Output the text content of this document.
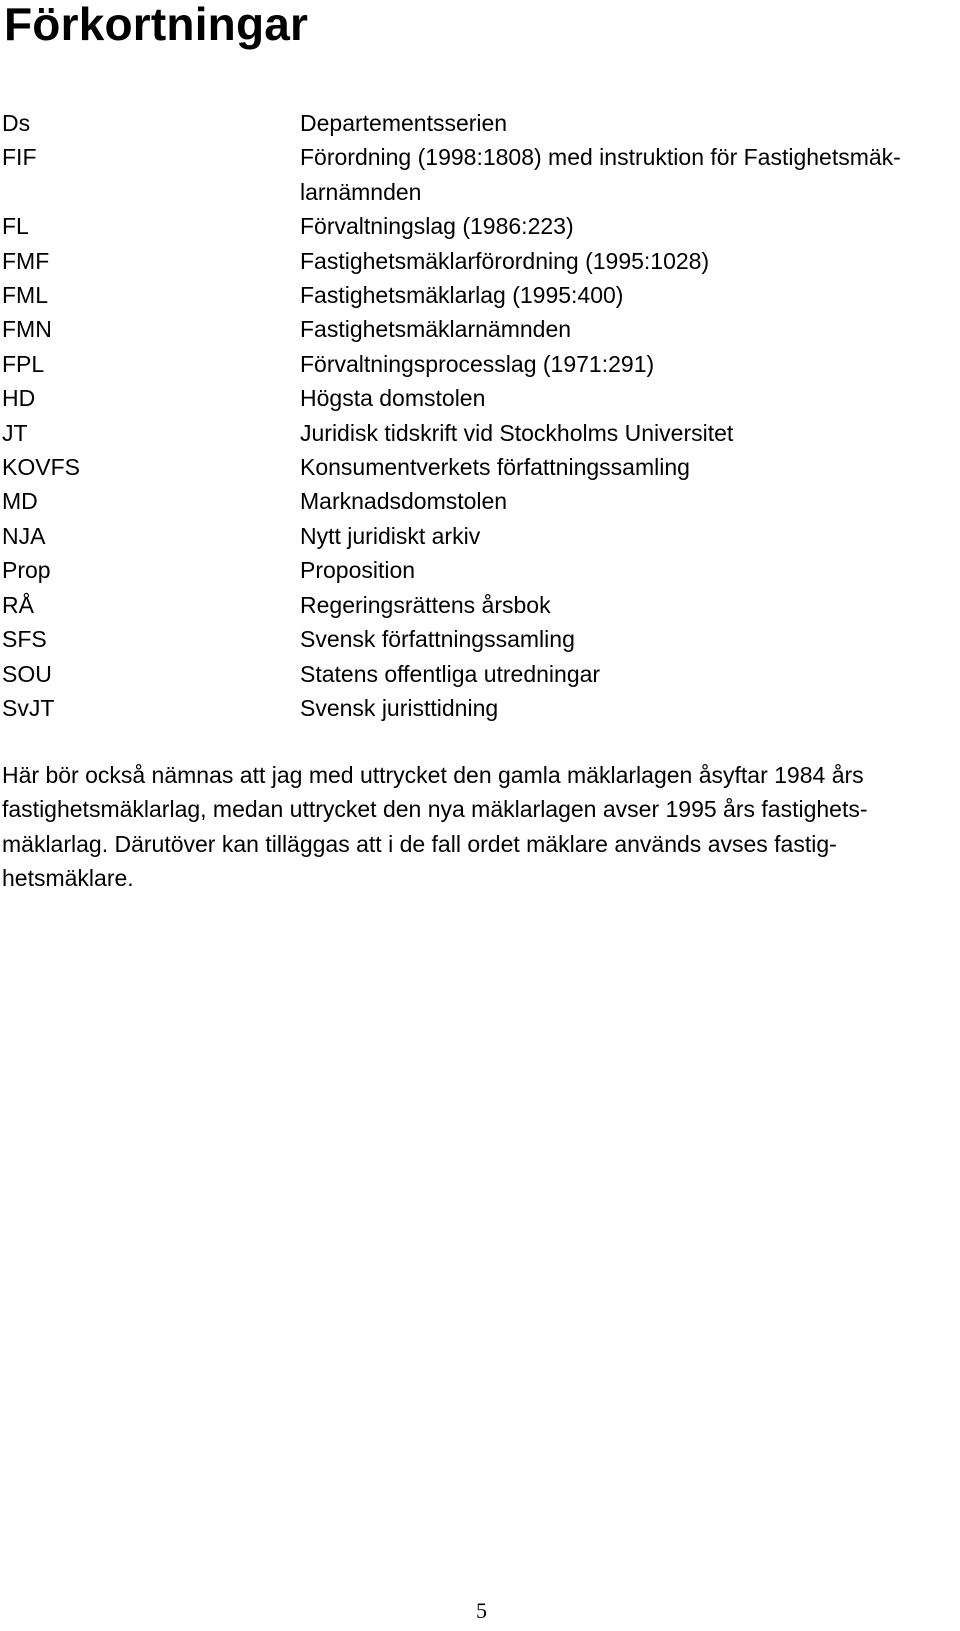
Förkortningar
Ds	Departementsserien
FIF	Förordning (1998:1808) med instruktion för Fastighetsmäk-
larnämnden
FL	Förvaltningslag (1986:223)
FMF	Fastighetsmäklarförordning (1995:1028)
FML	Fastighetsmäklarlag (1995:400)
FMN	Fastighetsmäklarnämnden
FPL	Förvaltningsprocesslag (1971:291)
HD	Högsta domstolen
JT	Juridisk tidskrift vid Stockholms Universitet
KOVFS	Konsumentverkets författningssamling
MD	Marknadsdomstolen
NJA	Nytt juridiskt arkiv
Prop	Proposition
RÅ	Regeringsrättens årsbok
SFS	Svensk författningssamling
SOU	Statens offentliga utredningar
SvJT	Svensk juristtidning

Här bör också nämnas att jag med uttrycket den gamla mäklarlagen åsyftar 1984 års
fastighetsmäklarlag, medan uttrycket den nya mäklarlagen avser 1995 års fastighets-
mäklarlag. Därutöver kan tilläggas att i de fall ordet mäklare används avses fastig-
hetsmäklare.

5
